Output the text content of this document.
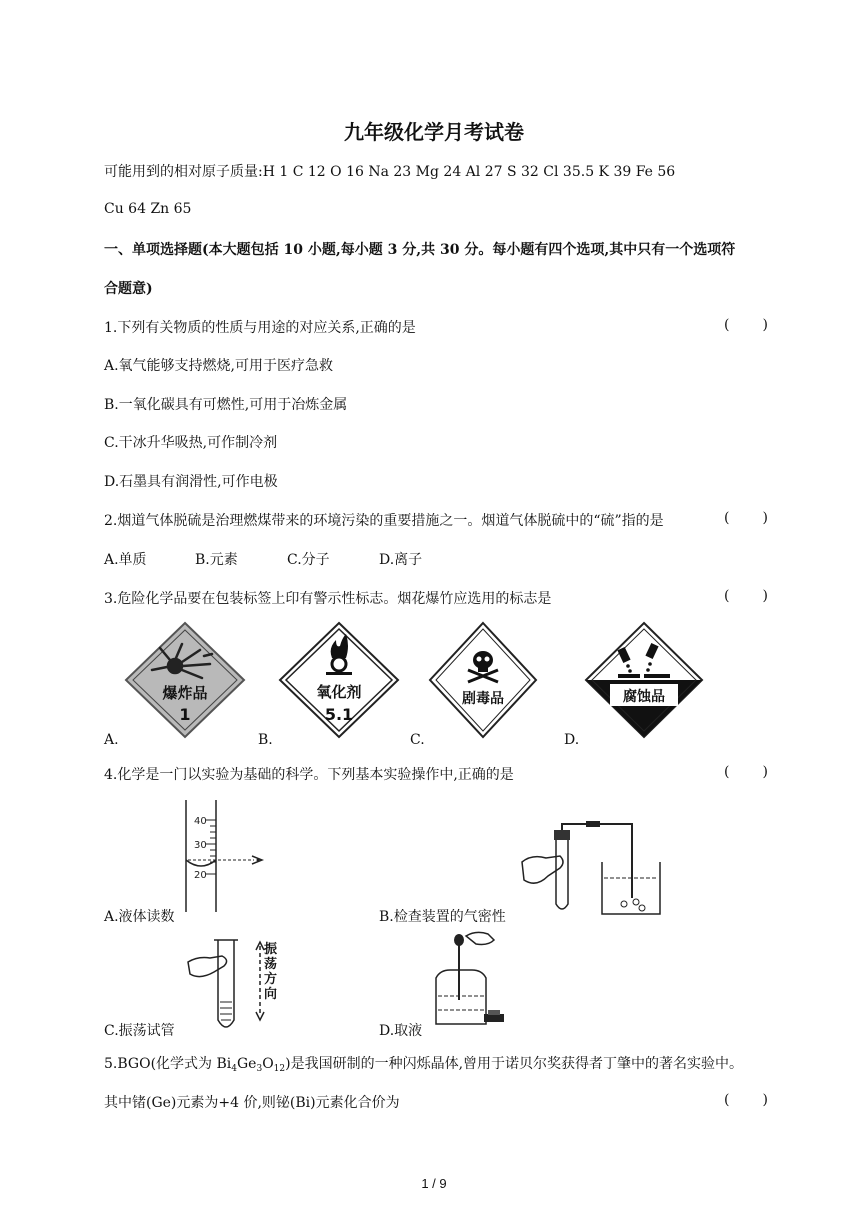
九年级化学月考试卷
可能用到的相对原子质量:H 1 C 12 O 16 Na 23 Mg 24 Al 27 S 32 Cl 35.5 K 39 Fe 56
Cu 64 Zn 65
一、单项选择题(本大题包括 10 小题,每小题 3 分,共 30 分。每小题有四个选项,其中只有一个选项符
合题意)
1.下列有关物质的性质与用途的对应关系,正确的是	( )
A.氧气能够支持燃烧,可用于医疗急救
B.一氧化碳具有可燃性,可用于冶炼金属
C.干冰升华吸热,可作制冷剂
D.石墨具有润滑性,可作电极
2.烟道气体脱硫是治理燃煤带来的环境污染的重要措施之一。烟道气体脱硫中的“硫”指的是	( )
A.单质	B.元素	C.分子	D.离子
3.危险化学品要在包装标签上印有警示性标志。烟花爆竹应选用的标志是	( )
爆炸品
1
氧化剂
5.1
剧毒品	腐蚀品
A.	B.	C.	D.
4.化学是一门以实验为基础的科学。下列基本实验操作中,正确的是	( )
40
30
20
A.液体读数	B.检查装置的气密性
振荡方向
C.振荡试管	D.取液
5.BGO(化学式为 $Bi_4Ge_3O_{12}$)是我国研制的一种闪烁晶体,曾用于诺贝尔奖获得者丁肇中的著名实验中。
其中锗(Ge)元素为+4 价,则铋(Bi)元素化合价为	( )
1 / 9
